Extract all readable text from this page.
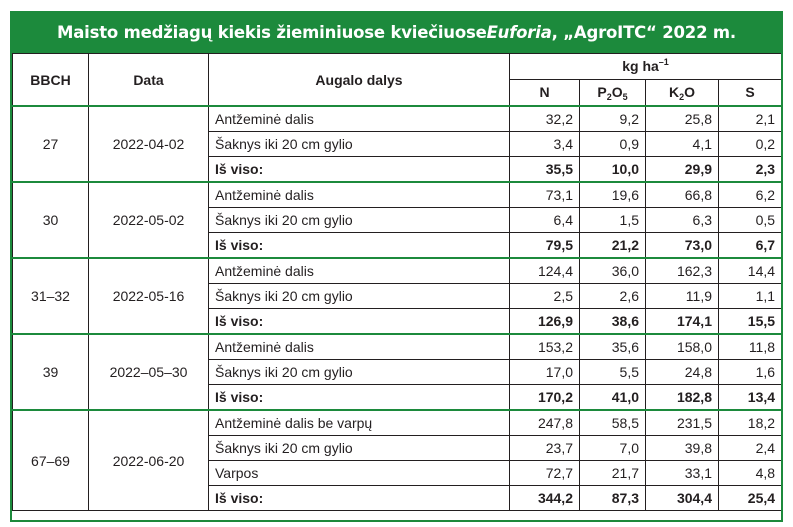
Maisto medžiagų kiekis žieminiuose kviečiuose Euforia , „AgroITC“ 2022 m.
BBCH	Data	Augalo dalys	kg $ha^{-1}$
			N	$P_2O_5$	$K_2O$	S
27	2022-04-02	Antžeminė dalis	32,2	9,2	25,8	2,1
		Šaknys iki 20 cm gylio	3,4	0,9	4,1	0,2
		Iš viso:	35,5	10,0	29,9	2,3
30	2022-05-02	Antžeminė dalis	73,1	19,6	66,8	6,2
		Šaknys iki 20 cm gylio	6,4	1,5	6,3	0,5
		Iš viso:	79,5	21,2	73,0	6,7
31–32	2022-05-16	Antžeminė dalis	124,4	36,0	162,3	14,4
		Šaknys iki 20 cm gylio	2,5	2,6	11,9	1,1
		Iš viso:	126,9	38,6	174,1	15,5
39	2022–05–30	Antžeminė dalis	153,2	35,6	158,0	11,8
		Šaknys iki 20 cm gylio	17,0	5,5	24,8	1,6
		Iš viso:	170,2	41,0	182,8	13,4
67–69	2022-06-20	Antžeminė dalis be varpų	247,8	58,5	231,5	18,2
		Šaknys iki 20 cm gylio	23,7	7,0	39,8	2,4
		Varpos	72,7	21,7	33,1	4,8
		Iš viso:	344,2	87,3	304,4	25,4
